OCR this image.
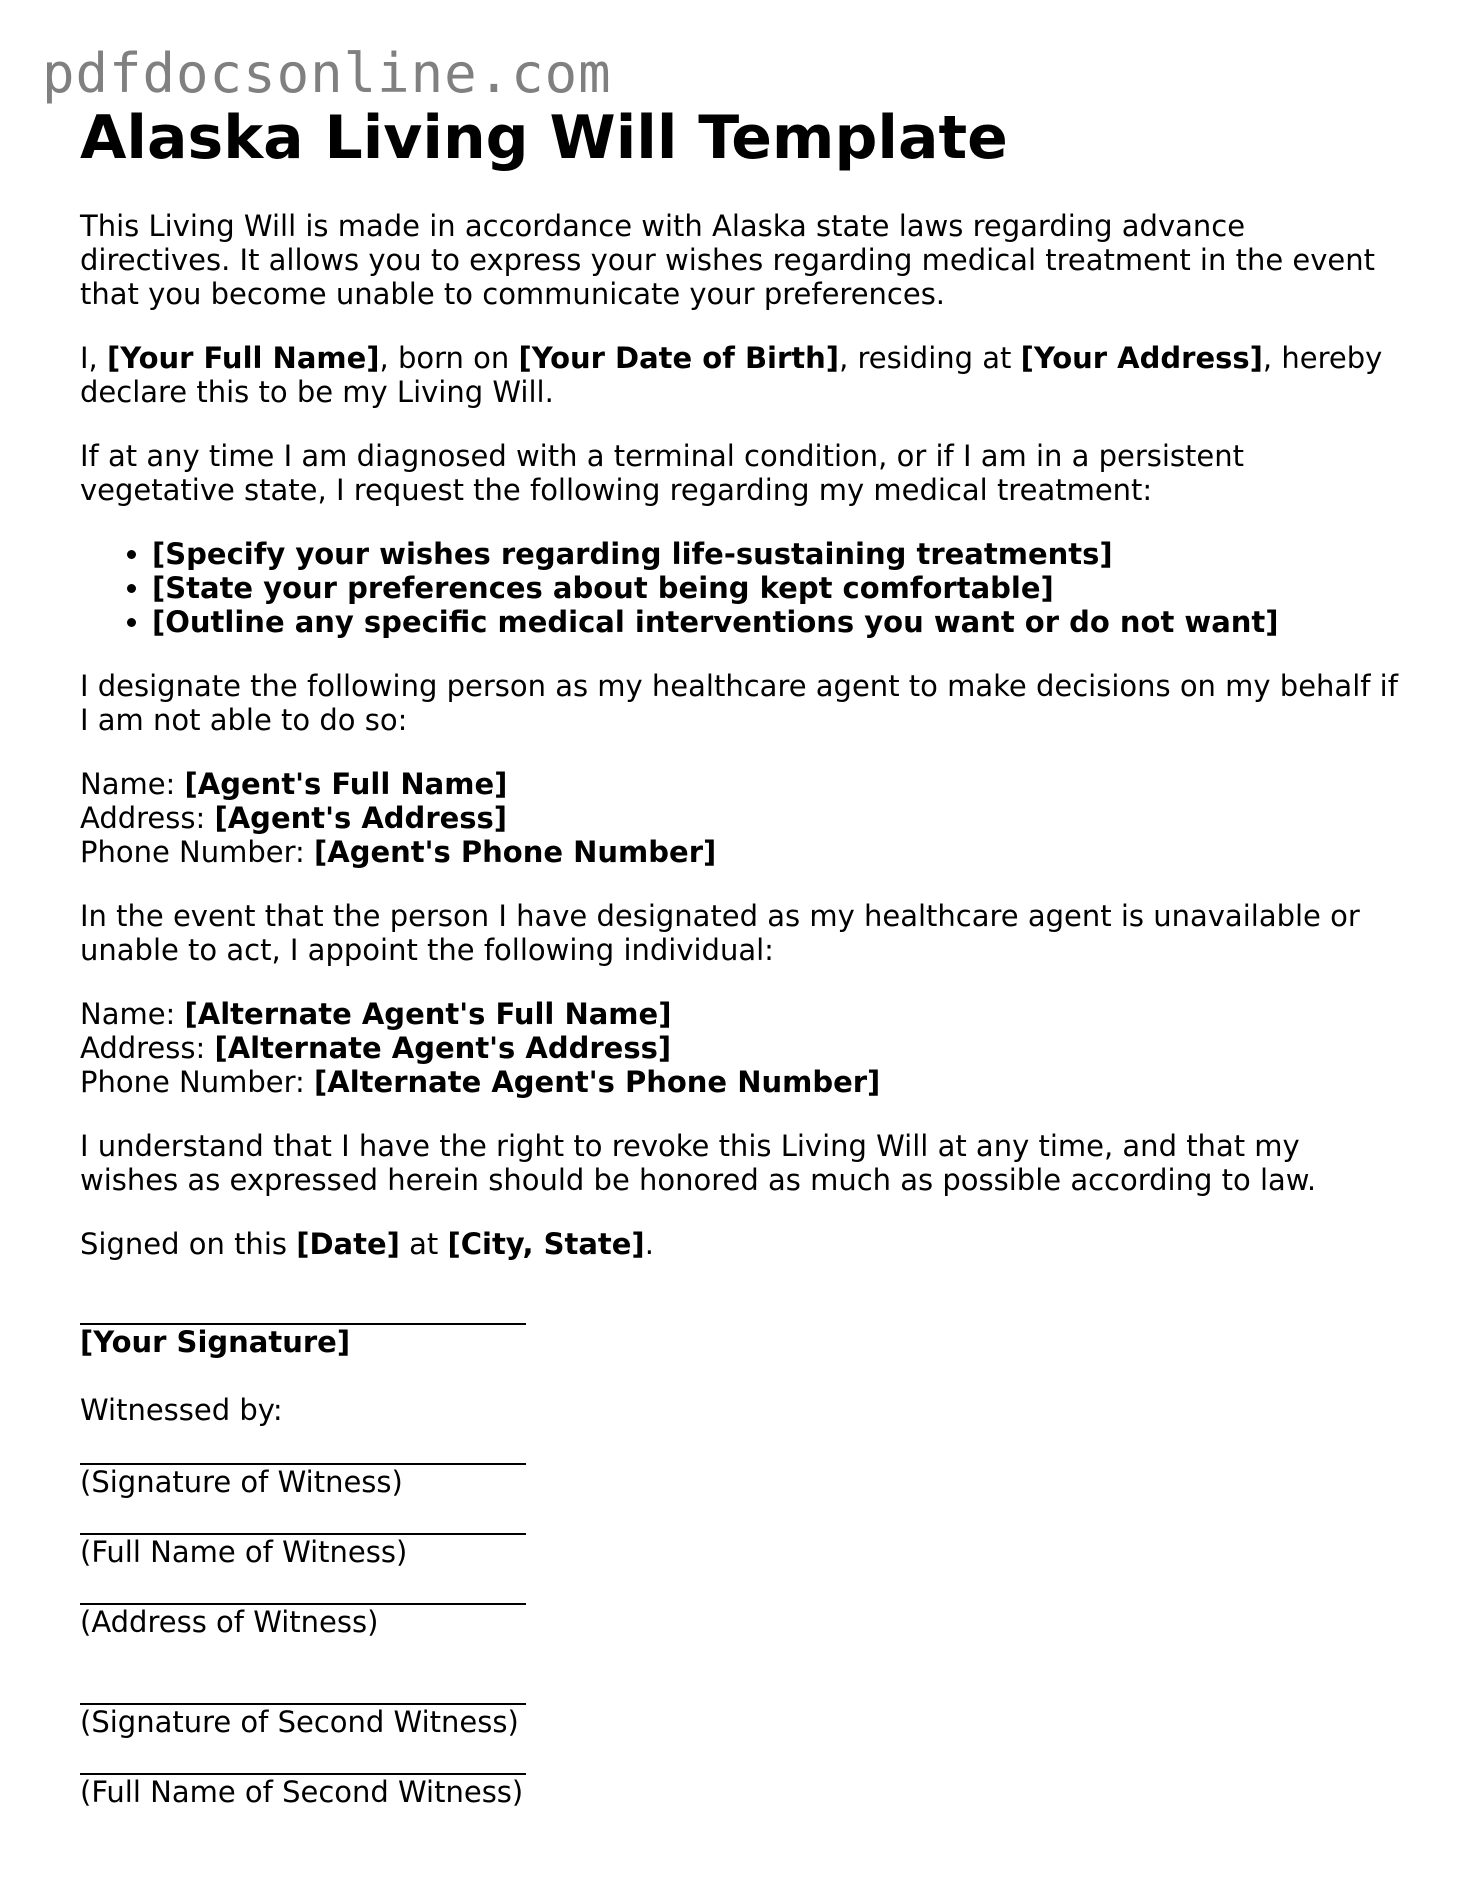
pdfdocsonline.com
Alaska Living Will Template

This Living Will is made in accordance with Alaska state laws regarding advance directives. It allows you to express your wishes regarding medical treatment in the event that you become unable to communicate your preferences.

I, [Your Full Name], born on [Your Date of Birth], residing at [Your Address], hereby declare this to be my Living Will.

If at any time I am diagnosed with a terminal condition, or if I am in a persistent vegetative state, I request the following regarding my medical treatment:

• [Specify your wishes regarding life-sustaining treatments]
• [State your preferences about being kept comfortable]
• [Outline any specific medical interventions you want or do not want]

I designate the following person as my healthcare agent to make decisions on my behalf if I am not able to do so:

Name: [Agent's Full Name]

Address: [Agent's Address]

Phone Number: [Agent's Phone Number]

In the event that the person I have designated as my healthcare agent is unavailable or unable to act, I appoint the following individual:

Name: [Alternate Agent's Full Name]

Address: [Alternate Agent's Address]

Phone Number: [Alternate Agent's Phone Number]

I understand that I have the right to revoke this Living Will at any time, and that my wishes as expressed herein should be honored as much as possible according to law.

Signed on this [Date] at [City, State].

[Your Signature]

Witnessed by:

(Signature of Witness)

(Full Name of Witness)

(Address of Witness)

(Signature of Second Witness)

(Full Name of Second Witness)
